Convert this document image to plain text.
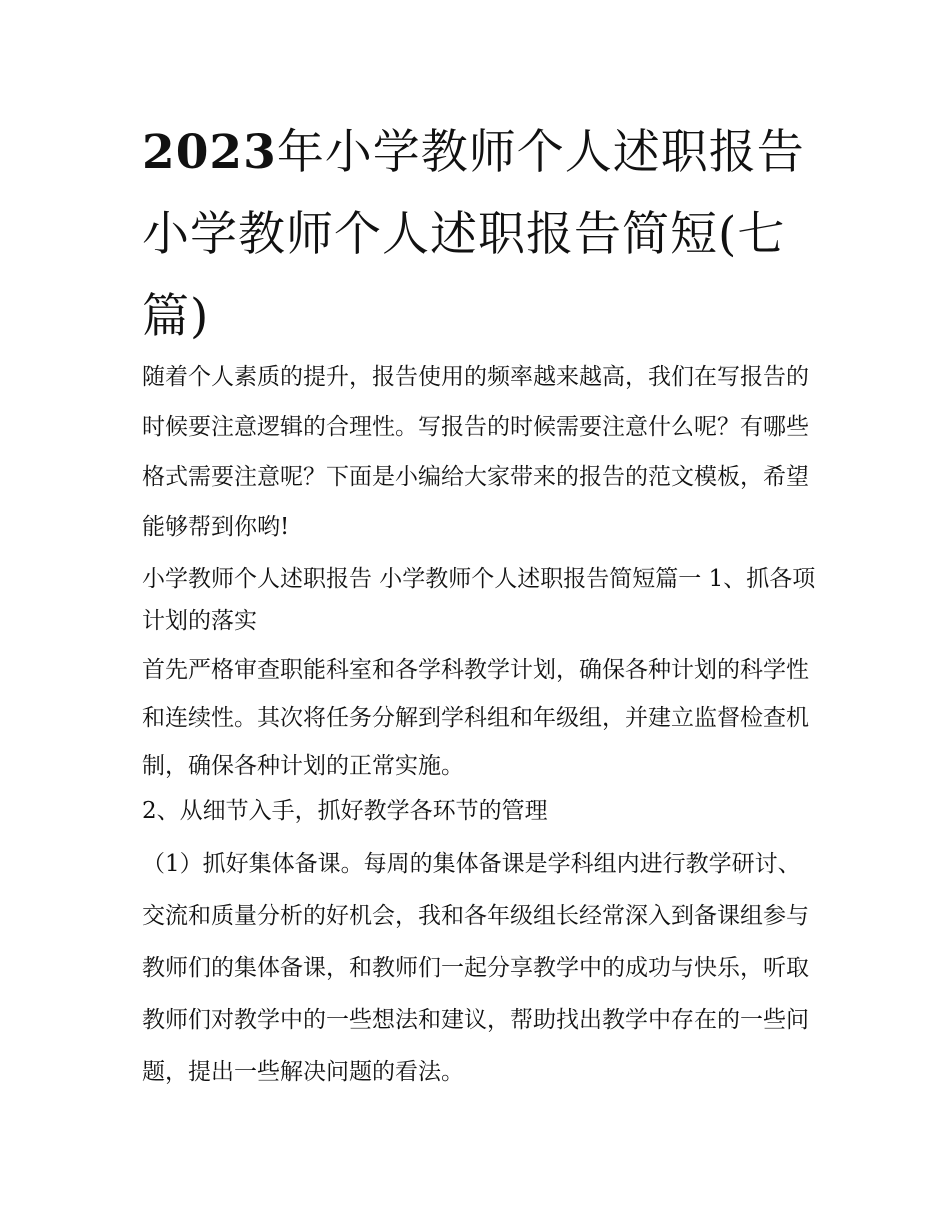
2023年小学教师个人述职报告 小学教师个人述职报告简短(七篇)

随着个人素质的提升，报告使用的频率越来越高，我们在写报告的时候要注意逻辑的合理性。写报告的时候需要注意什么呢？有哪些格式需要注意呢？下面是小编给大家带来的报告的范文模板，希望能够帮到你哟!

小学教师个人述职报告 小学教师个人述职报告简短篇一 1、抓各项计划的落实

首先严格审查职能科室和各学科教学计划，确保各种计划的科学性和连续性。其次将任务分解到学科组和年级组，并建立监督检查机制，确保各种计划的正常实施。

2、从细节入手，抓好教学各环节的管理

（1）抓好集体备课。每周的集体备课是学科组内进行教学研讨、交流和质量分析的好机会，我和各年级组长经常深入到备课组参与教师们的集体备课，和教师们一起分享教学中的成功与快乐，听取教师们对教学中的一些想法和建议，帮助找出教学中存在的一些问题，提出一些解决问题的看法。
